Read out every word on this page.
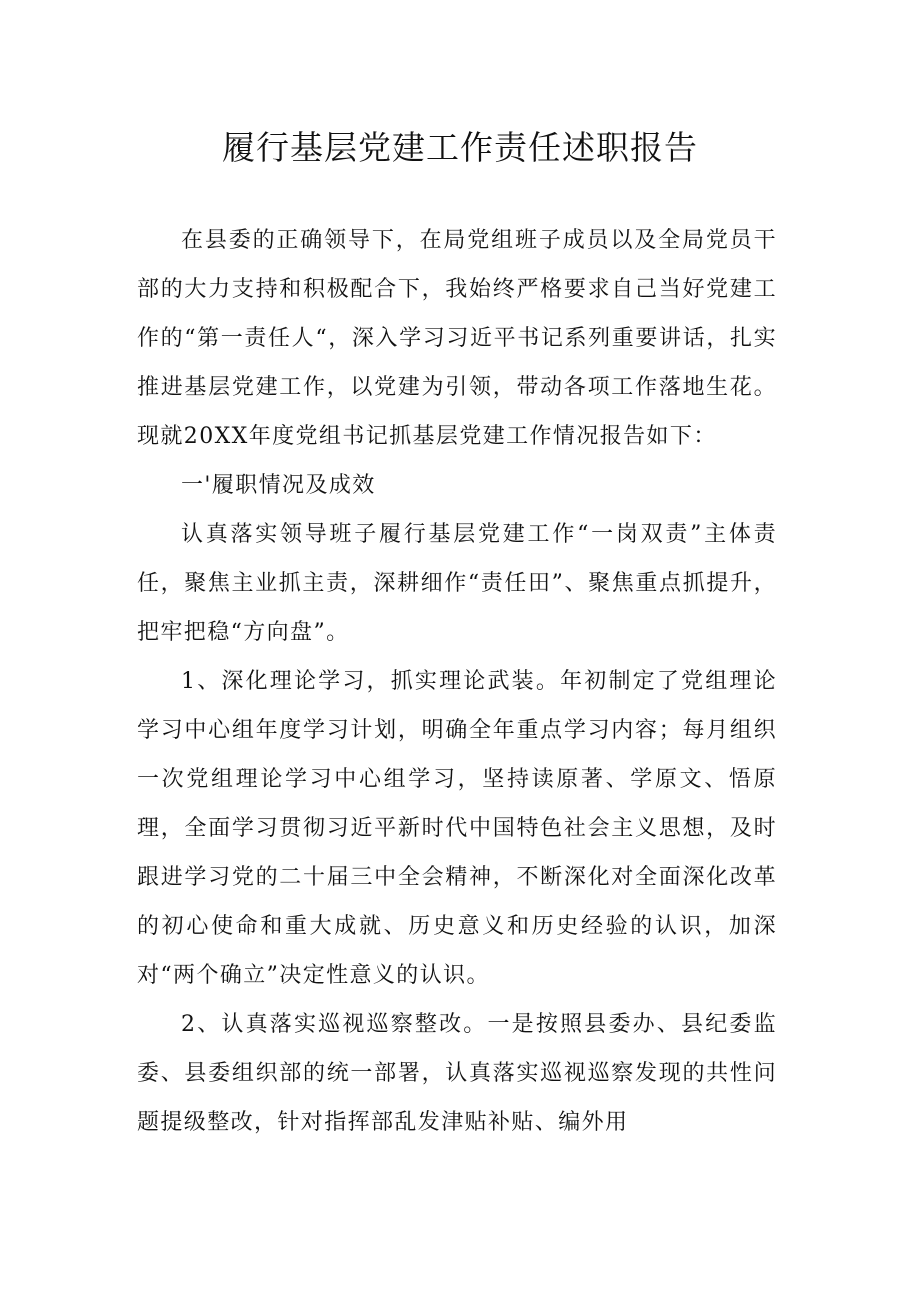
履行基层党建工作责任述职报告

在县委的正确领导下，在局党组班子成员以及全局党员干部的大力支持和积极配合下，我始终严格要求自己当好党建工作的“第一责任人“，深入学习习近平书记系列重要讲话，扎实推进基层党建工作，以党建为引领，带动各项工作落地生花。现就20XX年度党组书记抓基层党建工作情况报告如下：

一'履职情况及成效

认真落实领导班子履行基层党建工作“一岗双责”主体责任，聚焦主业抓主责，深耕细作“责任田”、聚焦重点抓提升，把牢把稳“方向盘”。

1、深化理论学习，抓实理论武装。年初制定了党组理论学习中心组年度学习计划，明确全年重点学习内容；每月组织一次党组理论学习中心组学习，坚持读原著、学原文、悟原理，全面学习贯彻习近平新时代中国特色社会主义思想，及时跟进学习党的二十届三中全会精神，不断深化对全面深化改革的初心使命和重大成就、历史意义和历史经验的认识，加深对“两个确立”决定性意义的认识。

2、认真落实巡视巡察整改。一是按照县委办、县纪委监委、县委组织部的统一部署，认真落实巡视巡察发现的共性问题提级整改，针对指挥部乱发津贴补贴、编外用
